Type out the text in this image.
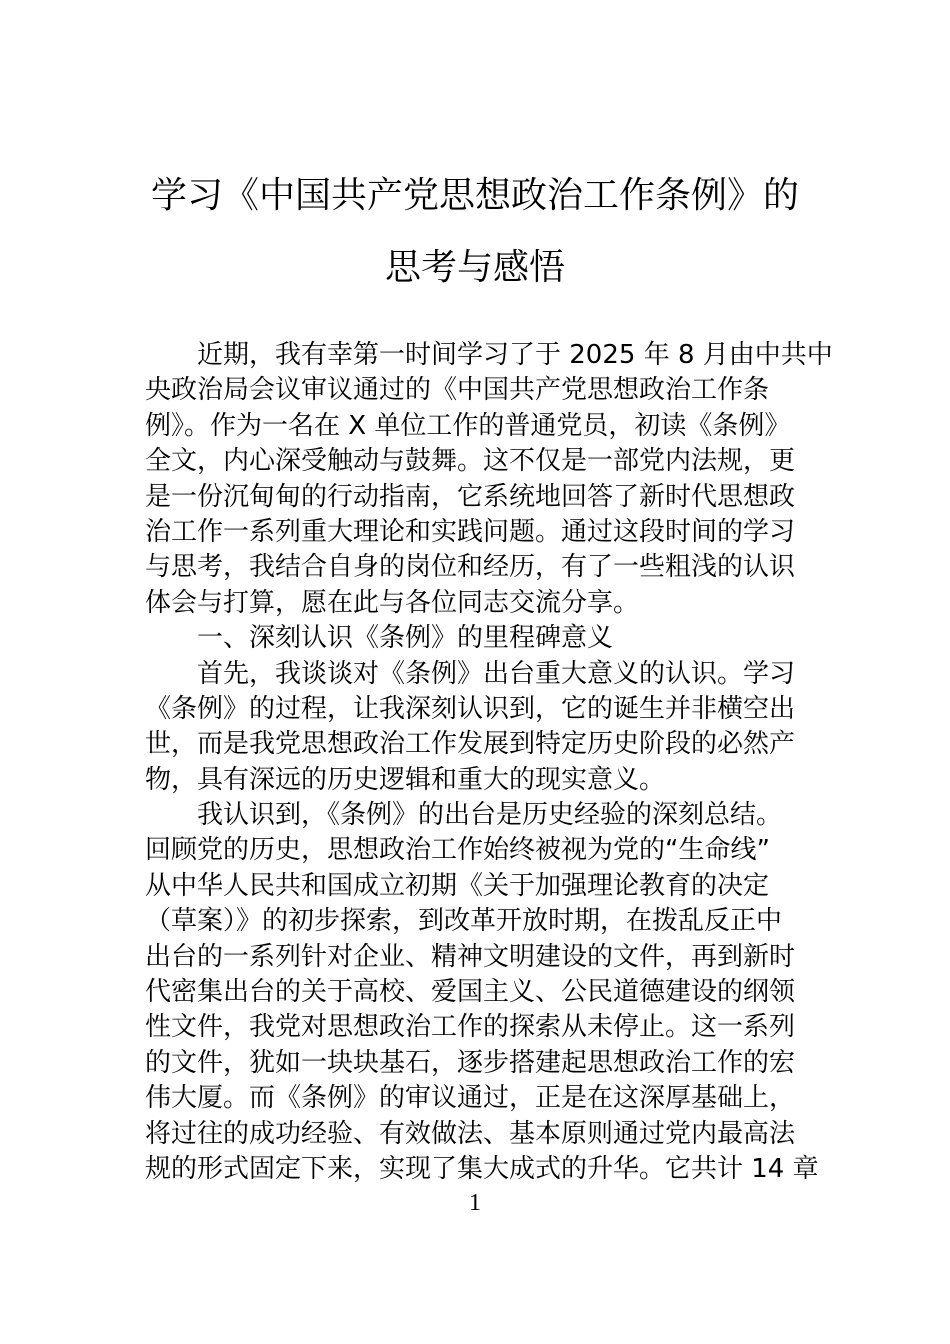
学习《中国共产党思想政治工作条例》的
思考与感悟
近期，我有幸第一时间学习了于 2025 年 8 月由中共中
央政治局会议审议通过的《中国共产党思想政治工作条
例》。作为一名在 X 单位工作的普通党员，初读《条例》
全文，内心深受触动与鼓舞。这不仅是一部党内法规，更
是一份沉甸甸的行动指南，它系统地回答了新时代思想政
治工作一系列重大理论和实践问题。通过这段时间的学习
与思考，我结合自身的岗位和经历，有了一些粗浅的认识
体会与打算，愿在此与各位同志交流分享。
一、深刻认识《条例》的里程碑意义
首先，我谈谈对《条例》出台重大意义的认识。学习
《条例》的过程，让我深刻认识到，它的诞生并非横空出
世，而是我党思想政治工作发展到特定历史阶段的必然产
物，具有深远的历史逻辑和重大的现实意义。
我认识到，《条例》的出台是历史经验的深刻总结。
回顾党的历史，思想政治工作始终被视为党的“生命线”
从中华人民共和国成立初期《关于加强理论教育的决定
（草案）》的初步探索，到改革开放时期，在拨乱反正中
出台的一系列针对企业、精神文明建设的文件，再到新时
代密集出台的关于高校、爱国主义、公民道德建设的纲领
性文件，我党对思想政治工作的探索从未停止。这一系列
的文件，犹如一块块基石，逐步搭建起思想政治工作的宏
伟大厦。而《条例》的审议通过，正是在这深厚基础上，
将过往的成功经验、有效做法、基本原则通过党内最高法
规的形式固定下来，实现了集大成式的升华。它共计 14 章
1
